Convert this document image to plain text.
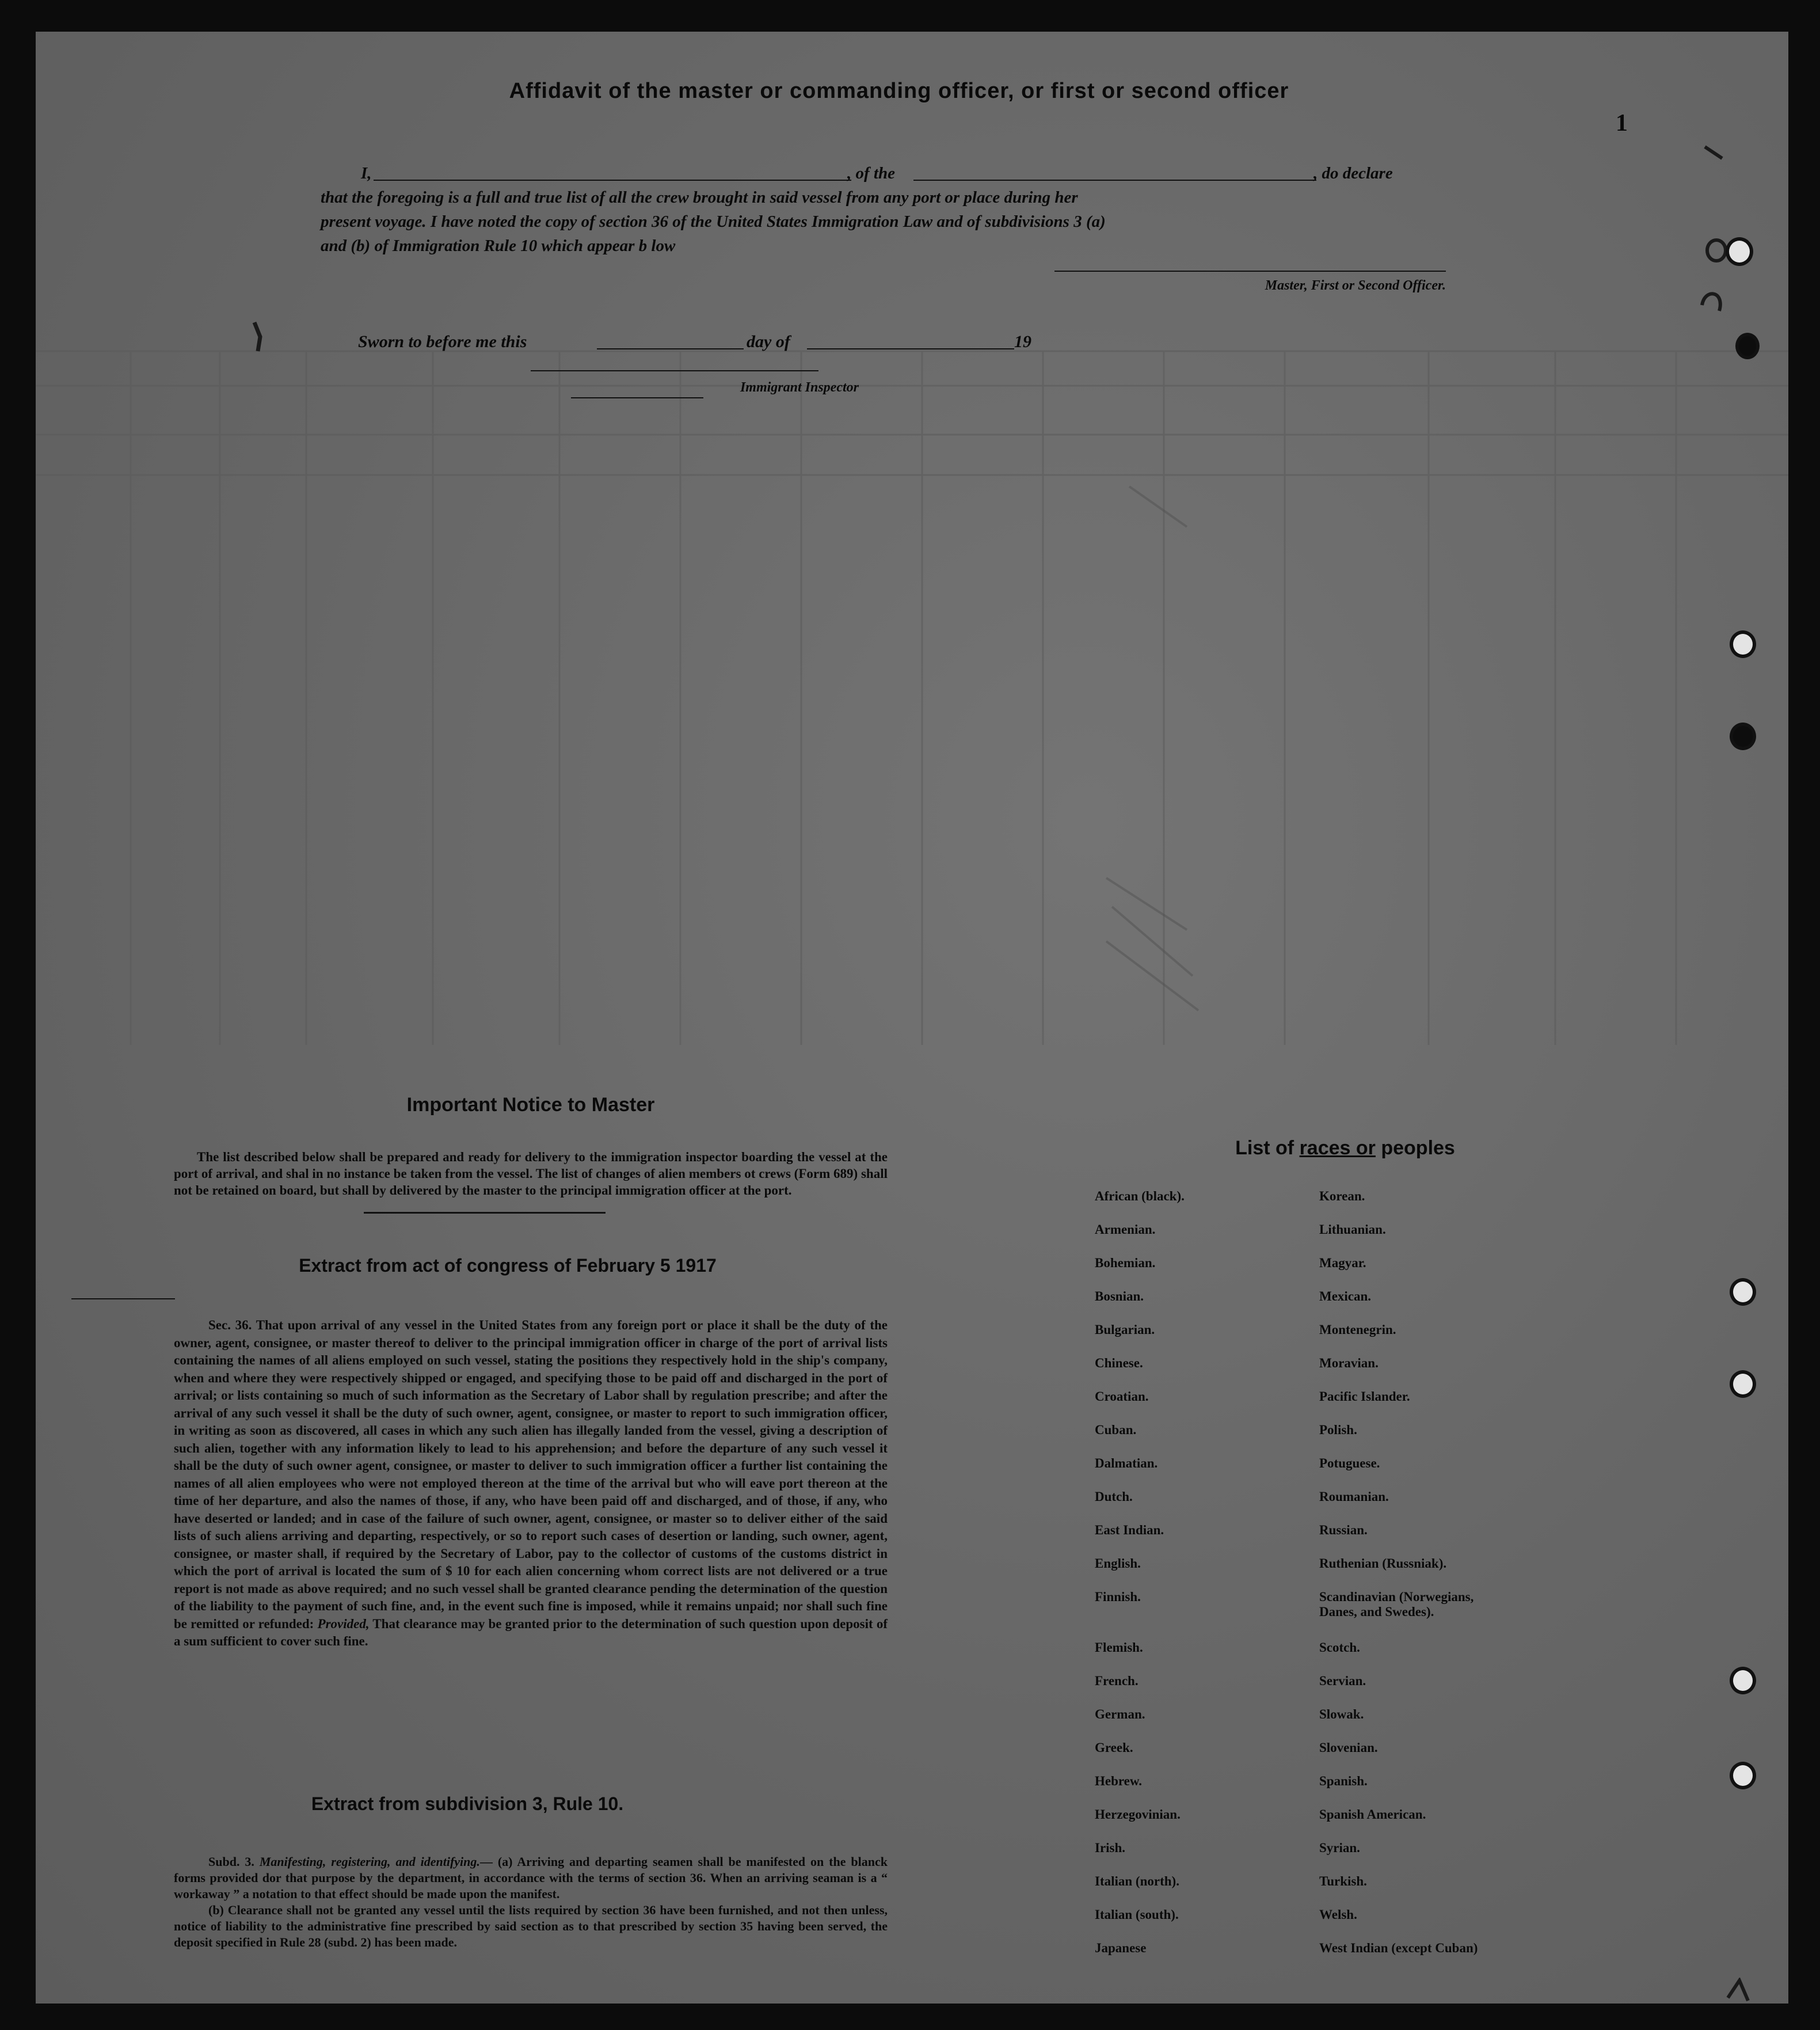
Affidavit of the master or commanding officer, or first or second officer
I,	, of the	, do declare
that the foregoing is a full and true list of all the crew brought in said vessel from any port or place during her
present voyage. I have noted the copy of section 36 of the United States Immigration Law and of subdivisions 3 (a)
and (b) of Immigration Rule 10 which appear b low
Master, First or Second Officer.
Sworn to before me this	day of	19
Immigrant Inspector
Important Notice to Master
The list described below shall be prepared and ready for delivery to the immigration inspector boarding the vessel at the port of arrival, and shal in no instance be taken from the vessel. The list of changes of alien members ot crews (Form 689) shall not be retained on board, but shall by delivered by the master to the principal immigration officer at the port.
Extract from act of congress of February 5 1917
Sec. 36. That upon arrival of any vessel in the United States from any foreign port or place it shall be the duty of the owner, agent, consignee, or master thereof to deliver to the principal immigration officer in charge of the port of arrival lists containing the names of all aliens employed on such vessel, stating the positions they respectively hold in the ship's company, when and where they were respectively shipped or engaged, and specifying those to be paid off and discharged in the port of arrival; or lists containing so much of such information as the Secretary of Labor shall by regulation prescribe; and after the arrival of any such vessel it shall be the duty of such owner, agent, consignee, or master to report to such immigration officer, in writing as soon as discovered, all cases in which any such alien has illegally landed from the vessel, giving a description of such alien, together with any information likely to lead to his apprehension; and before the departure of any such vessel it shall be the duty of such owner agent, consignee, or master to deliver to such immigration officer a further list containing the names of all alien employees who were not employed thereon at the time of the arrival but who will eave port thereon at the time of her departure, and also the names of those, if any, who have been paid off and discharged, and of those, if any, who have deserted or landed; and in case of the failure of such owner, agent, consignee, or master so to deliver either of the said lists of such aliens arriving and departing, respectively, or so to report such cases of desertion or landing, such owner, agent, consignee, or master shall, if required by the Secretary of Labor, pay to the collector of customs of the customs district in which the port of arrival is located the sum of $ 10 for each alien concerning whom correct lists are not delivered or a true report is not made as above required; and no such vessel shall be granted clearance pending the determination of the question of the liability to the payment of such fine, and, in the event such fine is imposed, while it remains unpaid; nor shall such fine be remitted or refunded: Provided, That clearance may be granted prior to the determination of such question upon deposit of a sum sufficient to cover such fine.
Extract from subdivision 3, Rule 10.

Subd. 3. Manifesting, registering, and identifying.— (a) Arriving and departing seamen shall be manifested on the blanck forms provided dor that purpose by the department, in accordance with the terms of section 36. When an arriving seaman is a “ workaway ” a notation to that effect should be made upon the manifest.

(b) Clearance shall not be granted any vessel until the lists required by section 36 have been furnished, and not then unless, notice of liability to the administrative fine prescribed by said section as to that prescribed by section 35 having been served, the deposit specified in Rule 28 (subd. 2) has been made.

List of races or peoples
African (black).
Armenian.
Bohemian.
Bosnian.
Bulgarian.
Chinese.
Croatian.
Cuban.
Dalmatian.
Dutch.
East Indian.
English.
Finnish.
Flemish.
French.
German.
Greek.
Hebrew.
Herzegovinian.
Irish.
Italian (north).
Italian (south).
Japanese
Korean.
Lithuanian.
Magyar.
Mexican.
Montenegrin.
Moravian.
Pacific Islander.
Polish.
Potuguese.
Roumanian.
Russian.
Ruthenian (Russniak).
Scandinavian (Norwegians, Danes, and Swedes).
Scotch.
Servian.
Slowak.
Slovenian.
Spanish.
Spanish American.
Syrian.
Turkish.
Welsh.
West Indian (except Cuban)
1
